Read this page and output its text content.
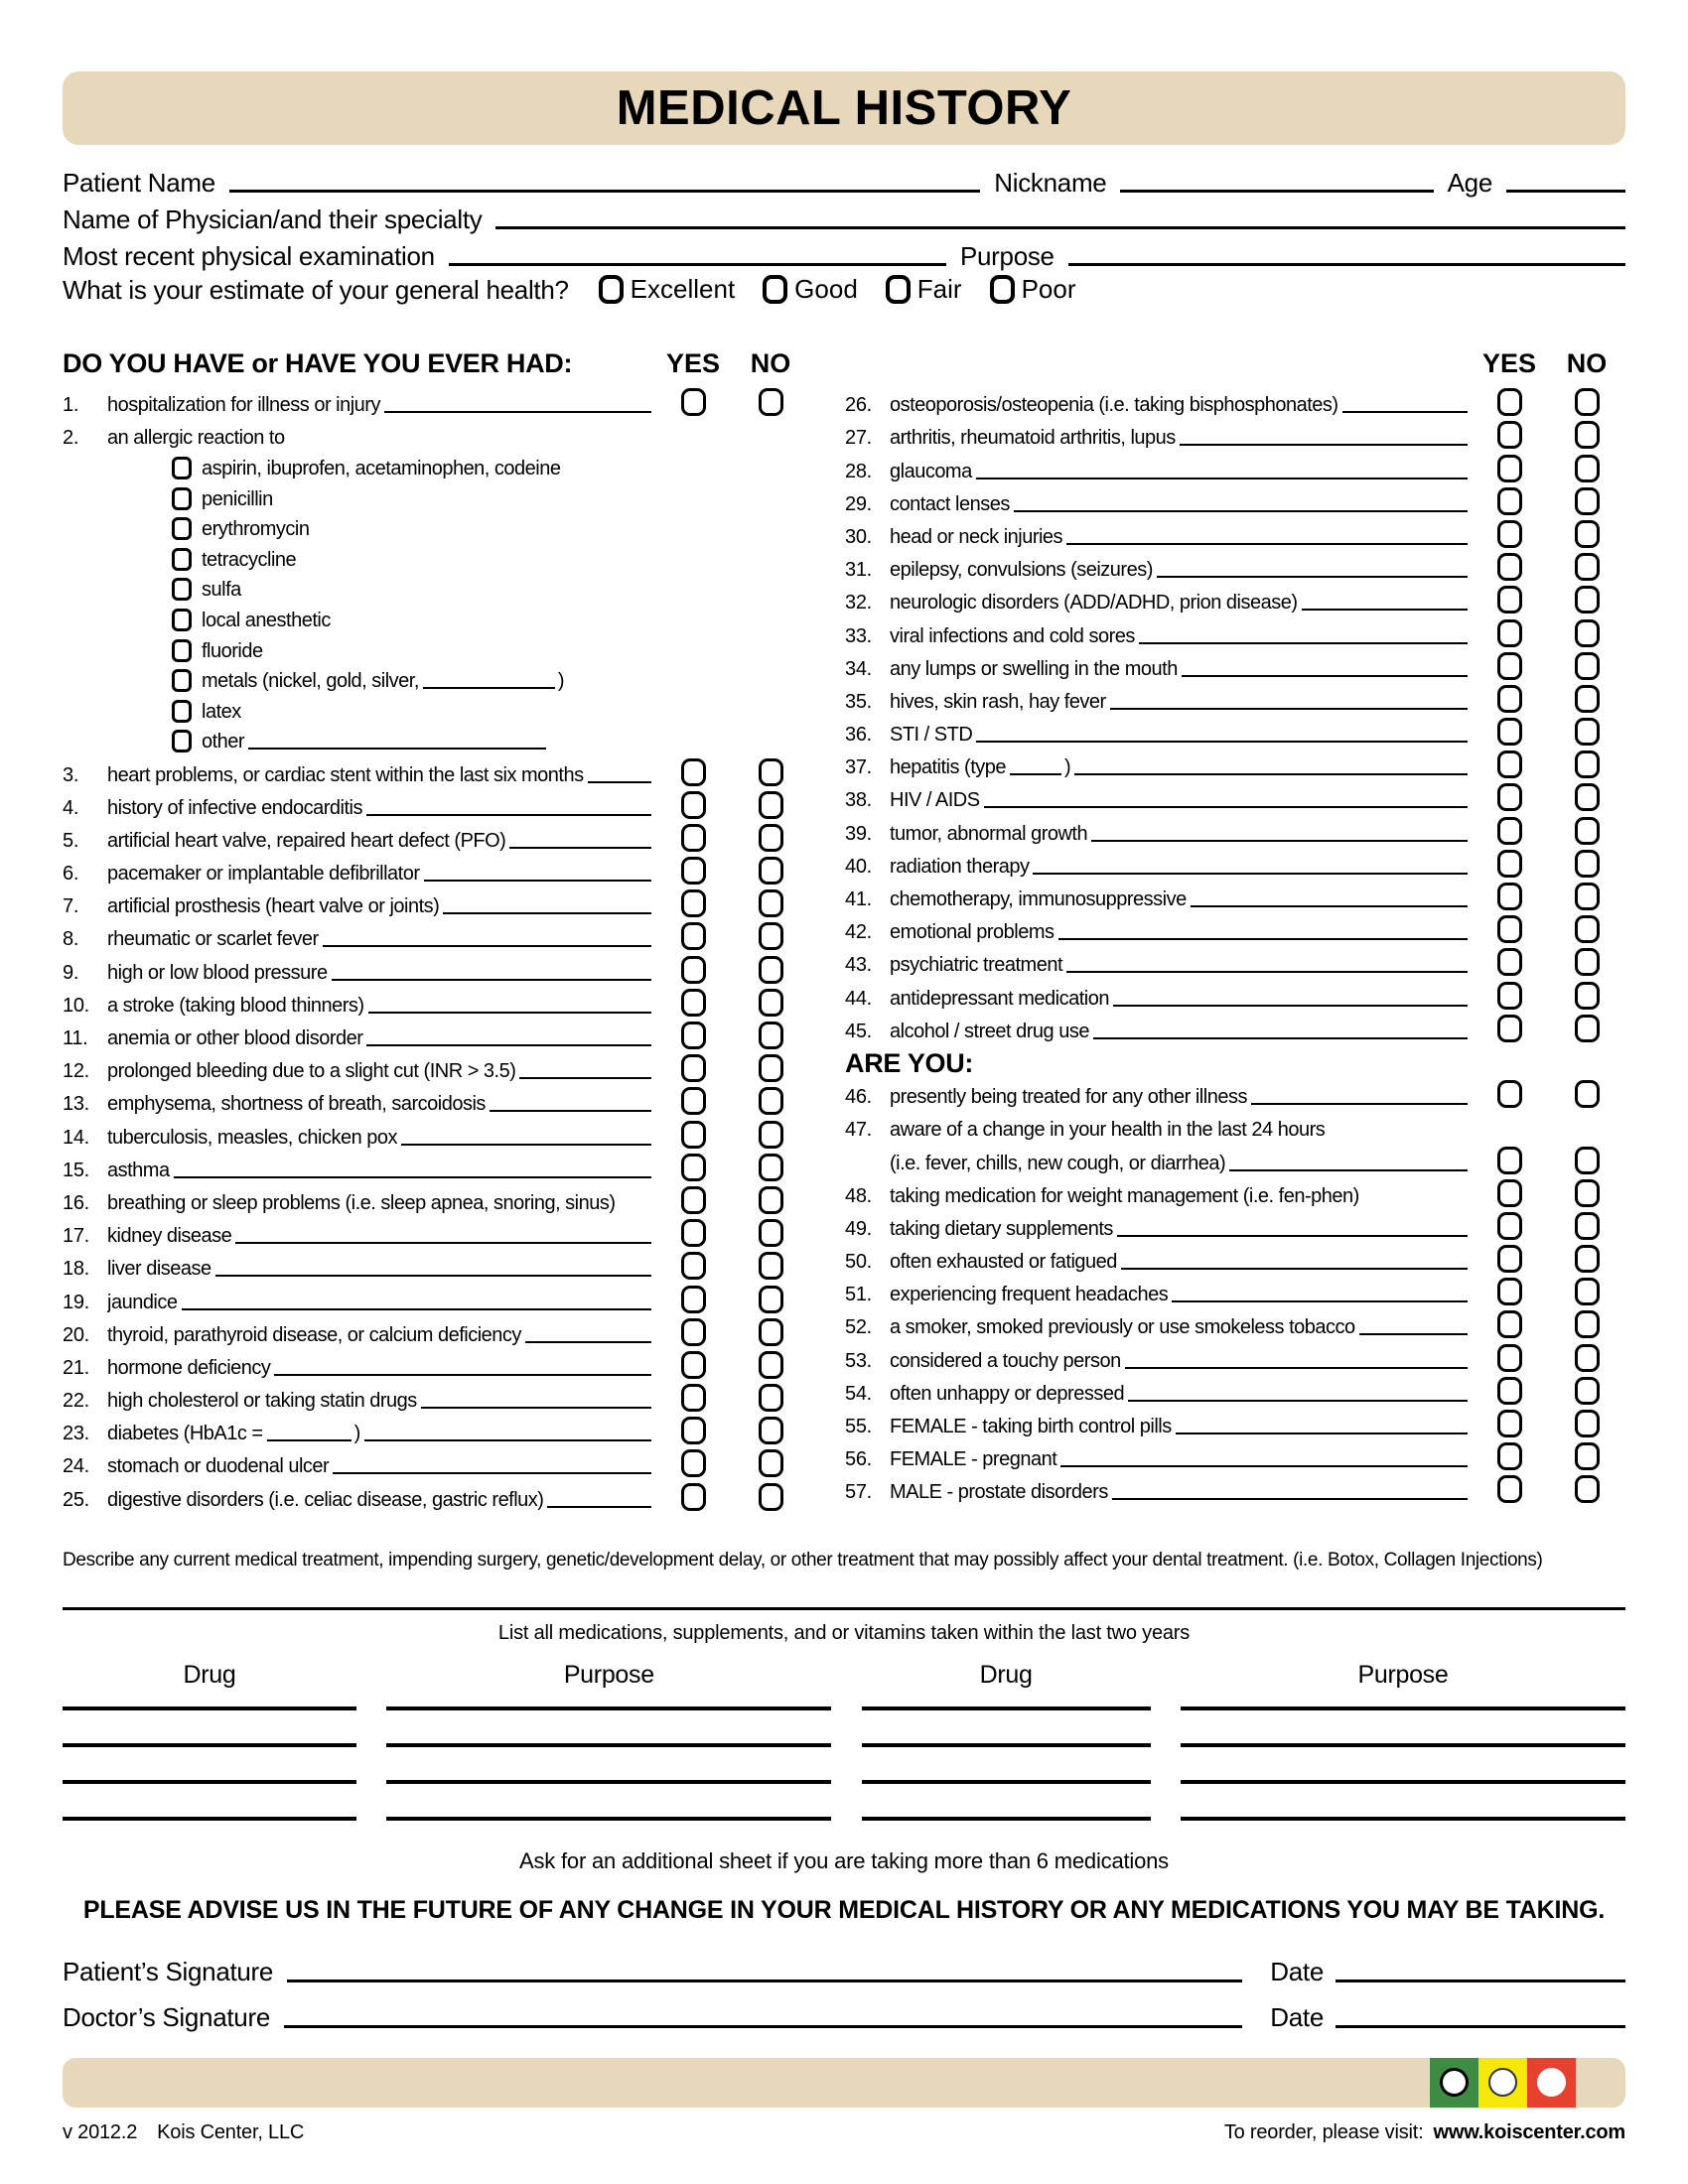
MEDICAL HISTORY
Patient Name	Nickname	Age
Name of Physician/and their specialty
Most recent physical examination	Purpose
What is your estimate of your general health? Excellent Good Fair Poor
DO YOU HAVE or HAVE YOU EVER HAD:	YES	NO
1.	hospitalization for illness or injury
2.	an allergic reaction to
aspirin, ibuprofen, acetaminophen, codeine
penicillin
erythromycin
tetracycline
sulfa
local anesthetic
fluoride
metals (nickel, gold, silver,	)
latex
other
3.	heart problems, or cardiac stent within the last six months
4.	history of infective endocarditis
5.	artificial heart valve, repaired heart defect (PFO)
6.	pacemaker or implantable defibrillator
7.	artificial prosthesis (heart valve or joints)
8.	rheumatic or scarlet fever
9.	high or low blood pressure
10. a stroke (taking blood thinners)
11. anemia or other blood disorder
12. prolonged bleeding due to a slight cut (INR > 3.5)
13. emphysema, shortness of breath, sarcoidosis
14. tuberculosis, measles, chicken pox
15. asthma
16. breathing or sleep problems (i.e. sleep apnea, snoring, sinus)
17. kidney disease
18. liver disease
19. jaundice
20. thyroid, parathyroid disease, or calcium deficiency
21. hormone deficiency
22. high cholesterol or taking statin drugs
23. diabetes (HbA1c =	)
24. stomach or duodenal ulcer
25. digestive disorders (i.e. celiac disease, gastric reflux)
YES	NO
26. osteoporosis/osteopenia (i.e. taking bisphosphonates)
27. arthritis, rheumatoid arthritis, lupus
28. glaucoma
29. contact lenses
30. head or neck injuries
31. epilepsy, convulsions (seizures)
32. neurologic disorders (ADD/ADHD, prion disease)
33. viral infections and cold sores
34. any lumps or swelling in the mouth
35. hives, skin rash, hay fever
36. STI / STD
37. hepatitis (type	)
38. HIV / AIDS
39. tumor, abnormal growth
40. radiation therapy
41. chemotherapy, immunosuppressive
42. emotional problems
43. psychiatric treatment
44. antidepressant medication
45. alcohol / street drug use
ARE YOU:
46. presently being treated for any other illness
47. aware of a change in your health in the last 24 hours
(i.e. fever, chills, new cough, or diarrhea)
48. taking medication for weight management (i.e. fen-phen)
49. taking dietary supplements
50. often exhausted or fatigued
51. experiencing frequent headaches
52. a smoker, smoked previously or use smokeless tobacco
53. considered a touchy person
54. often unhappy or depressed
55. FEMALE - taking birth control pills
56. FEMALE - pregnant
57. MALE - prostate disorders
Describe any current medical treatment, impending surgery, genetic/development delay, or other treatment that may possibly affect your dental treatment. (i.e. Botox, Collagen Injections)
List all medications, supplements, and or vitamins taken within the last two years
Drug	Purpose	Drug	Purpose
Ask for an additional sheet if you are taking more than 6 medications
PLEASE ADVISE US IN THE FUTURE OF ANY CHANGE IN YOUR MEDICAL HISTORY OR ANY MEDICATIONS YOU MAY BE TAKING.
Patient’s Signature	Date
Doctor’s Signature	Date
v 2012.2 Kois Center, LLC	To reorder, please visit: www.koiscenter.com
